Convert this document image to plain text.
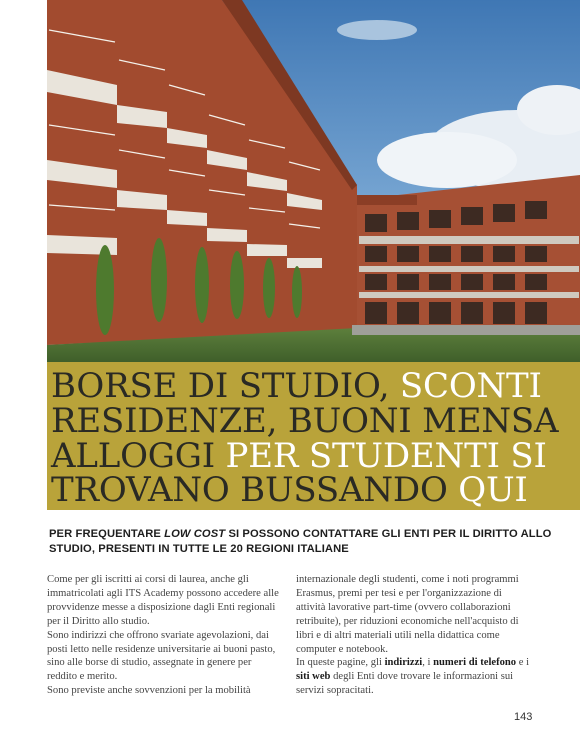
BORSE DI STUDIO, SCONTI
RESIDENZE, BUONI MENSA
ALLOGGI PER STUDENTI SI
TROVANO BUSSANDO QUI
PER FREQUENTARE LOW COST SI POSSONO CONTATTARE GLI ENTI PER IL DIRITTO ALLO STUDIO, PRESENTI IN TUTTE LE 20 REGIONI ITALIANE

Come per gli iscritti ai corsi di laurea, anche gli immatricolati agli ITS Academy possono accedere alle provvidenze messe a disposizione dagli Enti regionali per il Diritto allo studio.

Sono indirizzi che offrono svariate agevolazioni, dai posti letto nelle residenze universitarie ai buoni pasto, sino alle borse di studio, assegnate in genere per reddito e merito.

Sono previste anche sovvenzioni per la mobilità

internazionale degli studenti, come i noti programmi Erasmus, premi per tesi e per l'organizzazione di attività lavorative part-time (ovvero collaborazioni retribuite), per riduzioni economiche nell'acquisto di libri e di altri materiali utili nella didattica come computer e notebook.

In queste pagine, gli indirizzi, i numeri di telefono e i siti web degli Enti dove trovare le informazioni sui servizi sopracitati.

143
